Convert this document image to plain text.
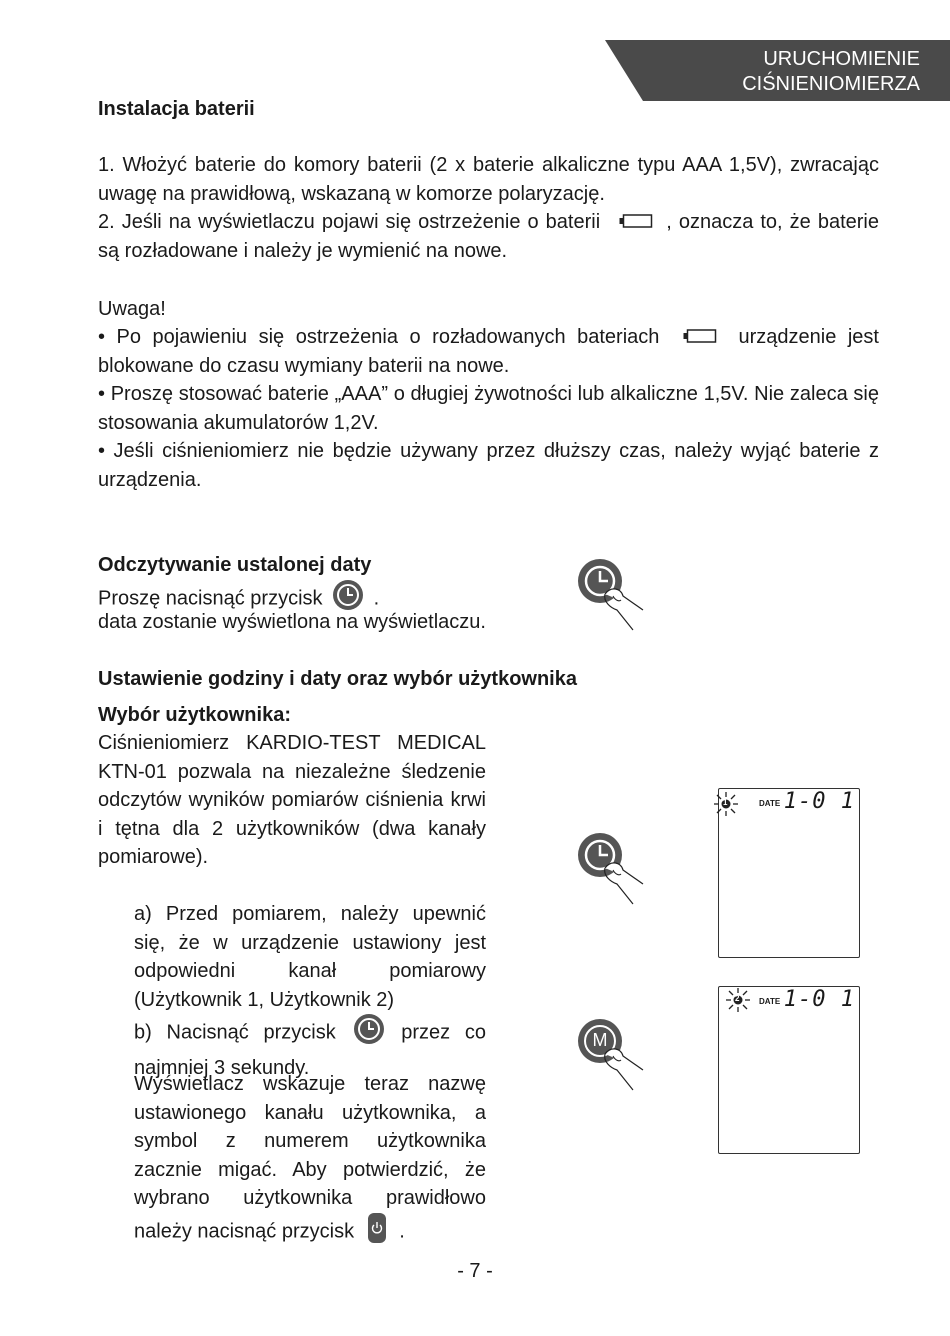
URUCHOMIENIE
CIŚNIENIOMIERZA
Instalacja baterii

1. Włożyć baterie do komory baterii (2 x baterie alkaliczne typu AAA 1,5V), zwracając uwagę na prawidłową, wskazaną w komorze polaryzację.

2. Jeśli na wyświetlaczu pojawi się ostrzeżenie o baterii	, oznacza to, że baterie są rozładowane i należy je wymienić na nowe.

Uwaga!

• Po pojawieniu się ostrzeżenia o rozładowanych bateriach	urządzenie jest blokowane do czasu wymiany baterii na nowe.

• Proszę stosować baterie „AAA” o długiej żywotności lub alkaliczne 1,5V. Nie zaleca się stosowania akumulatorów 1,2V.

• Jeśli ciśnieniomierz nie będzie używany przez dłuższy czas, należy wyjąć baterie z urządzenia.

Odczytywanie ustalonej daty

Proszę nacisnąć przycisk	.

data zostanie wyświetlona na wyświetlaczu.

Ustawienie godziny i daty oraz wybór użytkownika
Wybór użytkownika:

Ciśnieniomierz KARDIO-TEST MEDICAL KTN-01 pozwala na niezależne śledzenie odczytów wyników pomiarów ciśnienia krwi i tętna dla 2 użytkowników (dwa kanały pomiarowe).

a) Przed pomiarem, należy upewnić się, że w urządzenie ustawiony jest odpowiedni kanał pomiarowy (Użytkownik 1, Użytkownik 2)

b) Nacisnąć przycisk	przez co najmniej 3 sekundy.

Wyświetlacz wskazuje teraz nazwę ustawionego kanału użytkownika, a symbol z numerem użytkownika zacznie migać. Aby potwierdzić, że wybrano użytkownika prawidłowo należy nacisnąć przycisk .

M
1	DATE 1-0 1
2 DATE 1-0 1
- 7 -
